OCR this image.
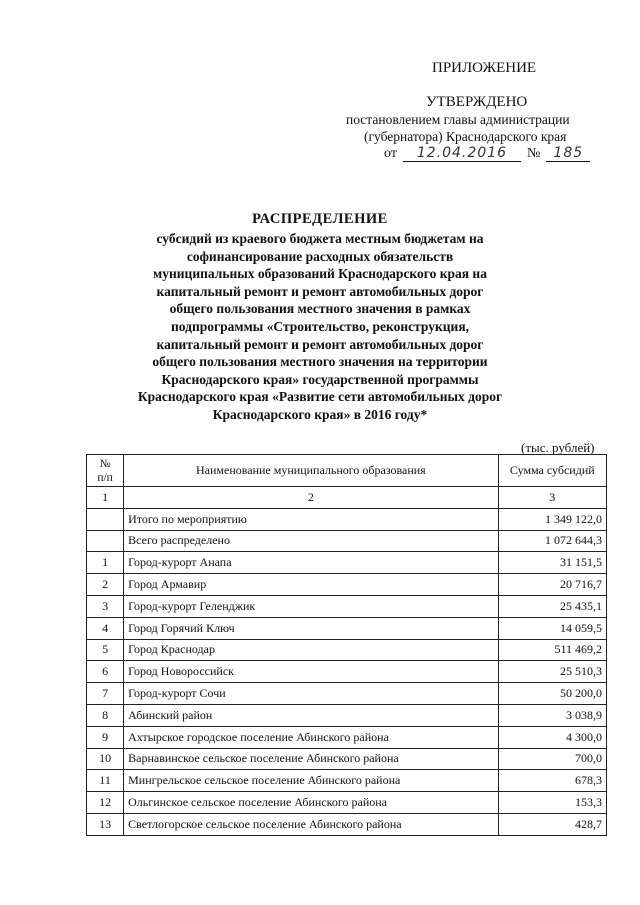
ПРИЛОЖЕНИЕ
УТВЕРЖДЕНО
постановлением главы администрации
(губернатора) Краснодарского края
от 12.04.2016 № 185
РАСПРЕДЕЛЕНИЕ
субсидий из краевого бюджета местным бюджетам на
софинансирование расходных обязательств
муниципальных образований Краснодарского края на
капитальный ремонт и ремонт автомобильных дорог
общего пользования местного значения в рамках
подпрограммы «Строительство, реконструкция,
капитальный ремонт и ремонт автомобильных дорог
общего пользования местного значения на территории
Краснодарского края» государственной программы
Краснодарского края «Развитие сети автомобильных дорог
Краснодарского края» в 2016 году*
(тыс. рублей)
№
п/п	Наименование муниципального образования	Сумма субсидий
1	2	3
	Итого по мероприятию	1 349 122,0
	Всего распределено	1 072 644,3
1	Город-курорт Анапа	31 151,5
2	Город Армавир	20 716,7
3	Город-курорт Геленджик	25 435,1
4	Город Горячий Ключ	14 059,5
5	Город Краснодар	511 469,2
6	Город Новороссийск	25 510,3
7	Город-курорт Сочи	50 200,0
8	Абинский район	3 038,9
9	Ахтырское городское поселение Абинского района	4 300,0
10	Варнавинское сельское поселение Абинского района	700,0
11	Мингрельское сельское поселение Абинского района	678,3
12	Ольгинское сельское поселение Абинского района	153,3
13	Светлогорское сельское поселение Абинского района	428,7
